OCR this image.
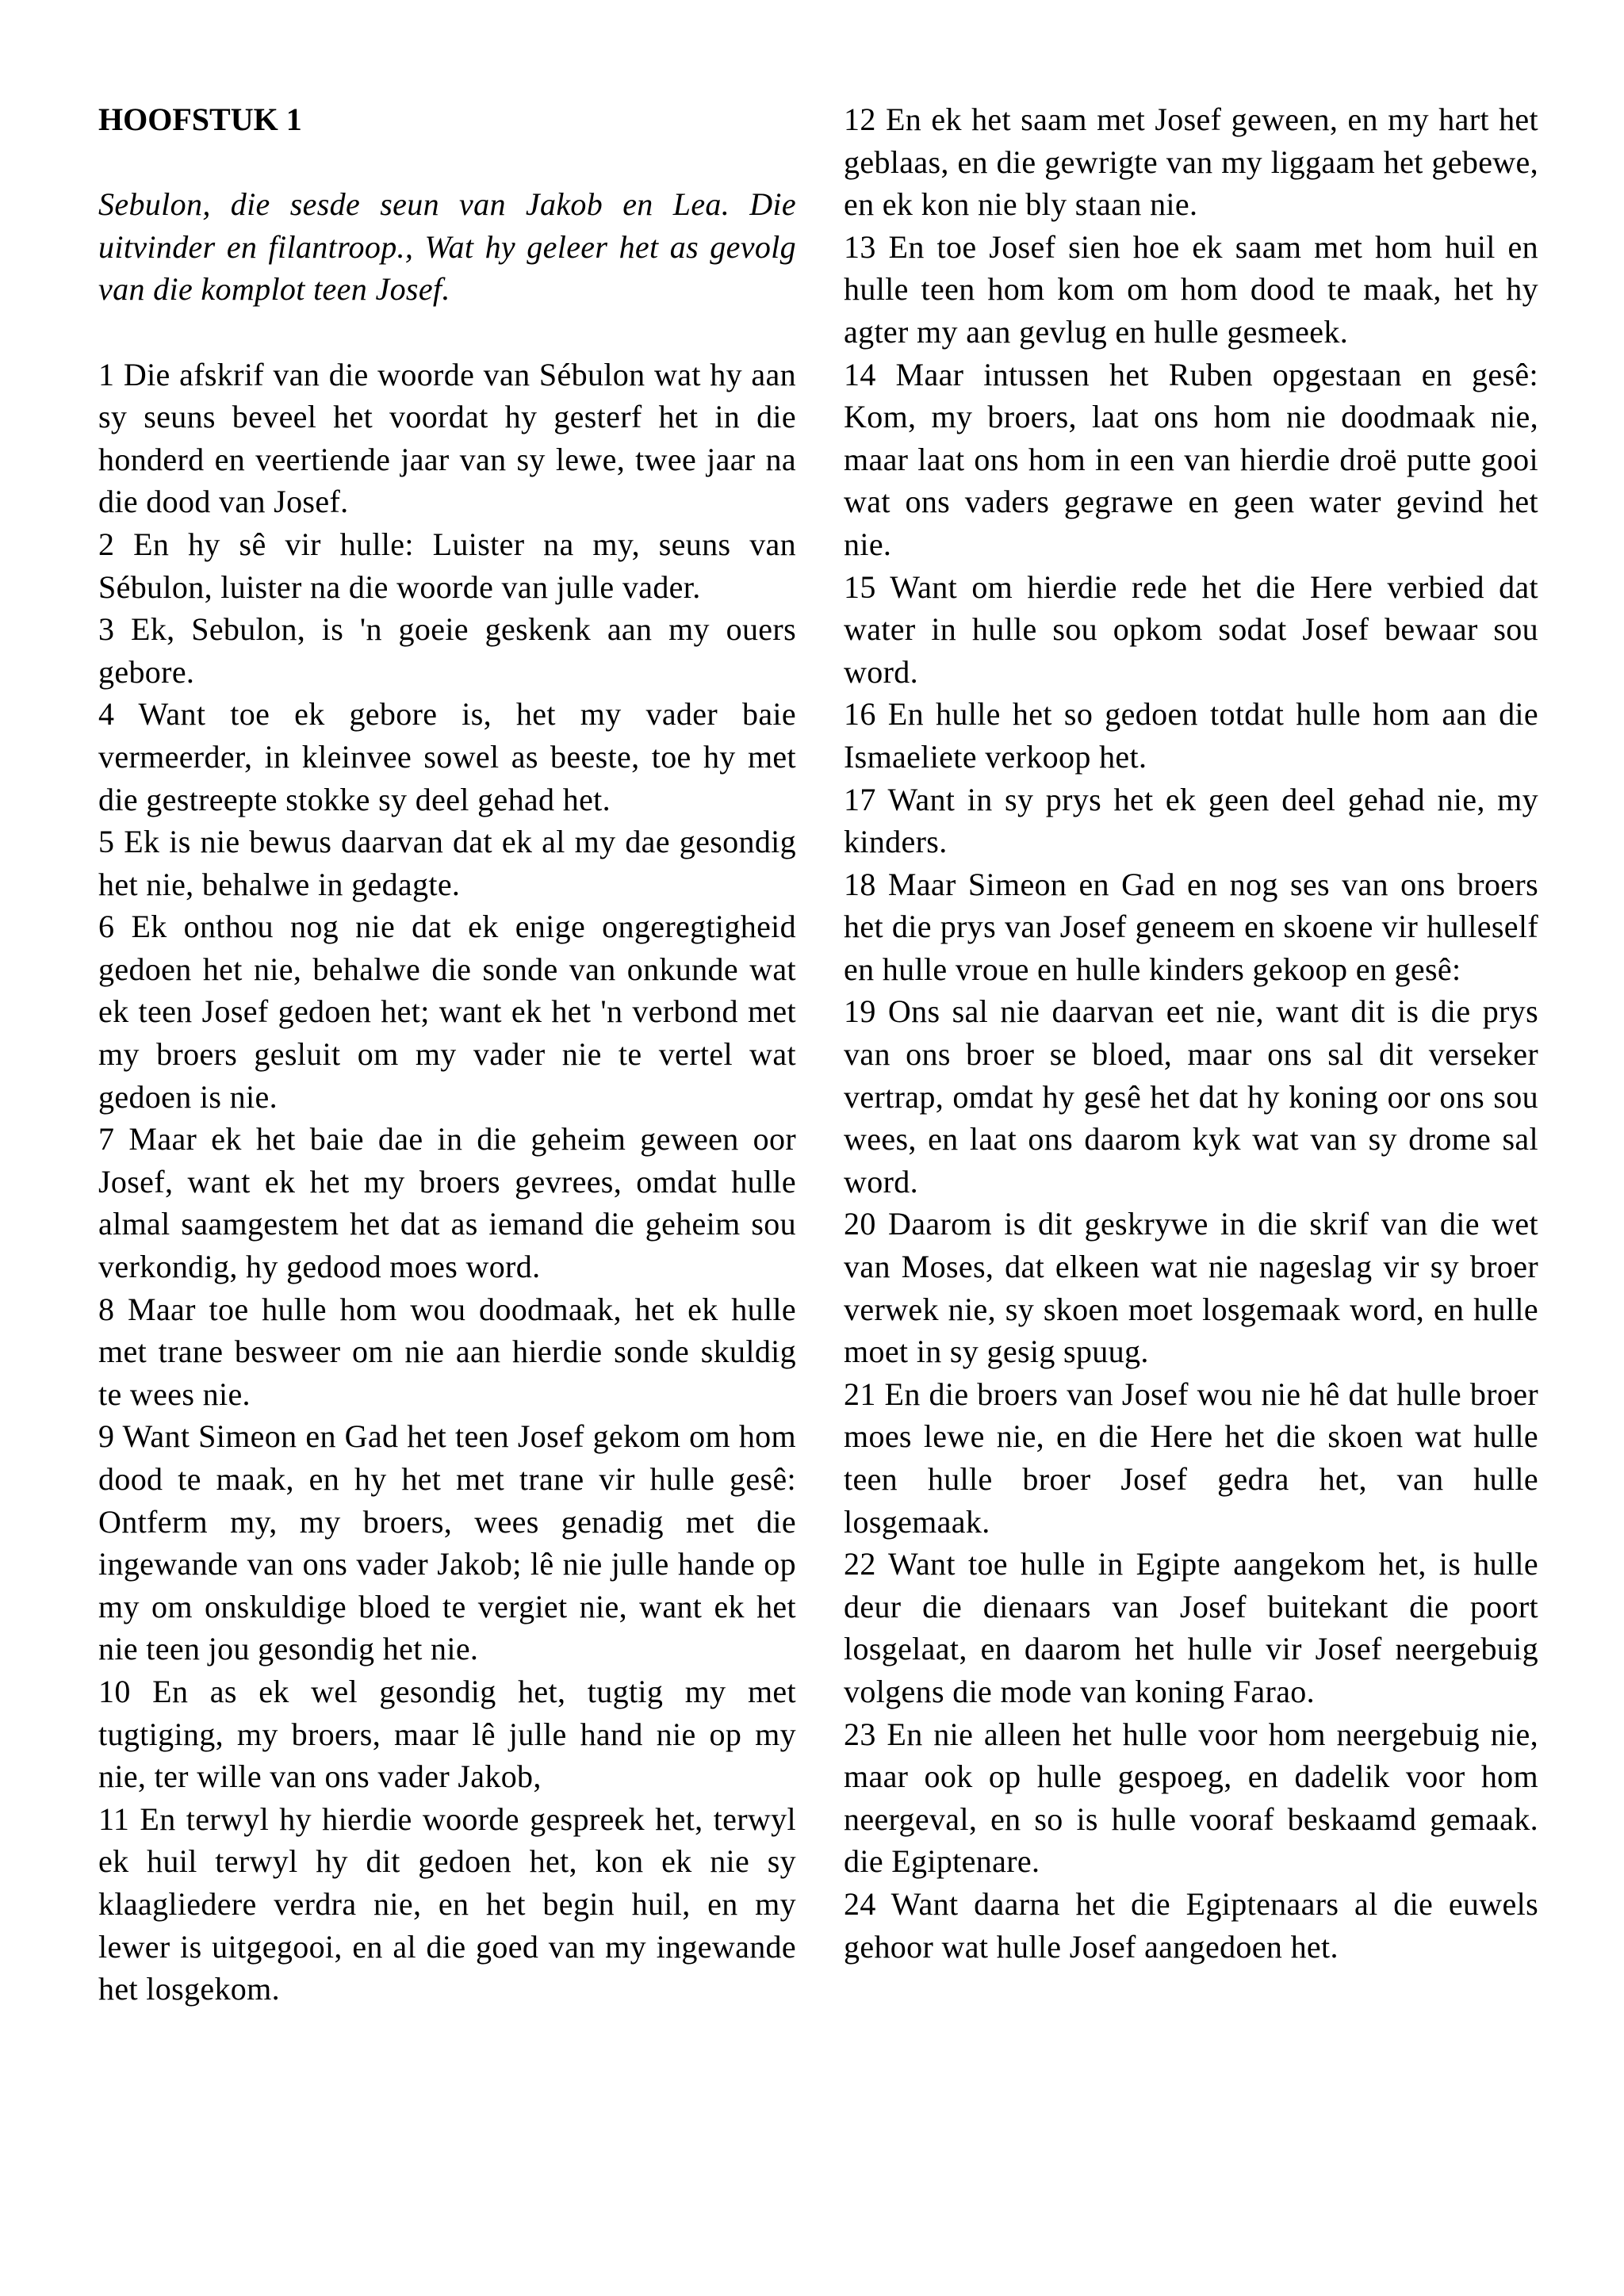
HOOFSTUK 1

Sebulon, die sesde seun van Jakob en Lea. Die uitvinder en filantroop., Wat hy geleer het as gevolg van die komplot teen Josef.

1 Die afskrif van die woorde van Sébulon wat hy aan sy seuns beveel het voordat hy gesterf het in die honderd en veertiende jaar van sy lewe, twee jaar na die dood van Josef.

2 En hy sê vir hulle: Luister na my, seuns van Sébulon, luister na die woorde van julle vader.

3 Ek, Sebulon, is 'n goeie geskenk aan my ouers gebore.

4 Want toe ek gebore is, het my vader baie vermeerder, in kleinvee sowel as beeste, toe hy met die gestreepte stokke sy deel gehad het.

5 Ek is nie bewus daarvan dat ek al my dae gesondig het nie, behalwe in gedagte.

6 Ek onthou nog nie dat ek enige ongeregtigheid gedoen het nie, behalwe die sonde van onkunde wat ek teen Josef gedoen het; want ek het 'n verbond met my broers gesluit om my vader nie te vertel wat gedoen is nie.

7 Maar ek het baie dae in die geheim geween oor Josef, want ek het my broers gevrees, omdat hulle almal saamgestem het dat as iemand die geheim sou verkondig, hy gedood moes word.

8 Maar toe hulle hom wou doodmaak, het ek hulle met trane besweer om nie aan hierdie sonde skuldig te wees nie.

9 Want Simeon en Gad het teen Josef gekom om hom dood te maak, en hy het met trane vir hulle gesê: Ontferm my, my broers, wees genadig met die ingewande van ons vader Jakob; lê nie julle hande op my om onskuldige bloed te vergiet nie, want ek het nie teen jou gesondig het nie.

10 En as ek wel gesondig het, tugtig my met tugtiging, my broers, maar lê julle hand nie op my nie, ter wille van ons vader Jakob,

11 En terwyl hy hierdie woorde gespreek het, terwyl ek huil terwyl hy dit gedoen het, kon ek nie sy klaagliedere verdra nie, en het begin huil, en my lewer is uitgegooi, en al die goed van my ingewande het losgekom.

12 En ek het saam met Josef geween, en my hart het geblaas, en die gewrigte van my liggaam het gebewe, en ek kon nie bly staan nie.

13 En toe Josef sien hoe ek saam met hom huil en hulle teen hom kom om hom dood te maak, het hy agter my aan gevlug en hulle gesmeek.

14 Maar intussen het Ruben opgestaan en gesê: Kom, my broers, laat ons hom nie doodmaak nie, maar laat ons hom in een van hierdie droë putte gooi wat ons vaders gegrawe en geen water gevind het nie.

15 Want om hierdie rede het die Here verbied dat water in hulle sou opkom sodat Josef bewaar sou word.

16 En hulle het so gedoen totdat hulle hom aan die Ismaeliete verkoop het.

17 Want in sy prys het ek geen deel gehad nie, my kinders.

18 Maar Simeon en Gad en nog ses van ons broers het die prys van Josef geneem en skoene vir hulleself en hulle vroue en hulle kinders gekoop en gesê:

19 Ons sal nie daarvan eet nie, want dit is die prys van ons broer se bloed, maar ons sal dit verseker vertrap, omdat hy gesê het dat hy koning oor ons sou wees, en laat ons daarom kyk wat van sy drome sal word.

20 Daarom is dit geskrywe in die skrif van die wet van Moses, dat elkeen wat nie nageslag vir sy broer verwek nie, sy skoen moet losgemaak word, en hulle moet in sy gesig spuug.

21 En die broers van Josef wou nie hê dat hulle broer moes lewe nie, en die Here het die skoen wat hulle teen hulle broer Josef gedra het, van hulle losgemaak.

22 Want toe hulle in Egipte aangekom het, is hulle deur die dienaars van Josef buitekant die poort losgelaat, en daarom het hulle vir Josef neergebuig volgens die mode van koning Farao.

23 En nie alleen het hulle voor hom neergebuig nie, maar ook op hulle gespoeg, en dadelik voor hom neergeval, en so is hulle vooraf beskaamd gemaak. die Egiptenare.

24 Want daarna het die Egiptenaars al die euwels gehoor wat hulle Josef aangedoen het.
